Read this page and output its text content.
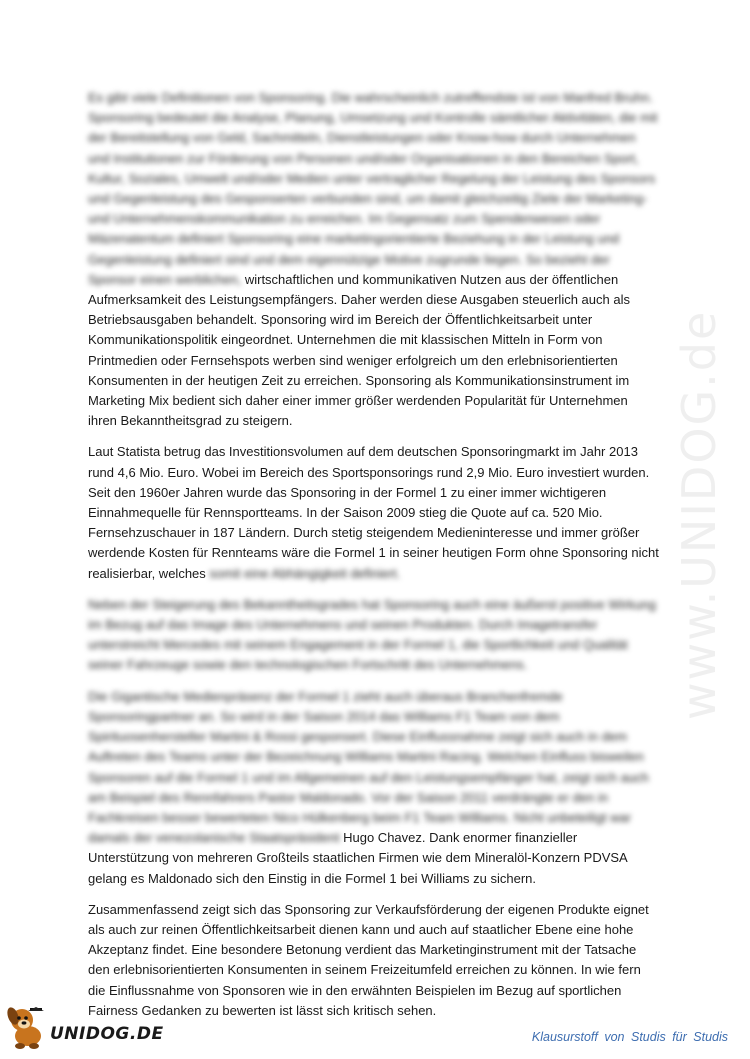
www.UNIDOG.de

Es gibt viele Definitionen von Sponsoring. Die wahrscheinlich zutreffendste ist von Manfred Bruhn. Sponsoring bedeutet die Analyse, Planung, Umsetzung und Kontrolle sämtlicher Aktivitäten, die mit der Bereitstellung von Geld, Sachmitteln, Dienstleistungen oder Know-how durch Unternehmen und Institutionen zur Förderung von Personen und/oder Organisationen in den Bereichen Sport, Kultur, Soziales, Umwelt und/oder Medien unter vertraglicher Regelung der Leistung des Sponsors und Gegenleistung des Gesponserten verbunden sind, um damit gleichzeitig Ziele der Marketing- und Unternehmenskommunikation zu erreichen. Im Gegensatz zum Spendenwesen oder Mäzenatentum definiert Sponsoring eine marketingorientierte Beziehung in der Leistung und Gegenleistung definiert sind und dem eigennützige Motive zugrunde liegen. So bezieht der Sponsor einen werblichen, wirtschaftlichen und kommunikativen Nutzen aus der öffentlichen Aufmerksamkeit des Leistungsempfängers. Daher werden diese Ausgaben steuerlich auch als Betriebsausgaben behandelt. Sponsoring wird im Bereich der Öffentlichkeitsarbeit unter Kommunikationspolitik eingeordnet. Unternehmen die mit klassischen Mitteln in Form von Printmedien oder Fernsehspots werben sind weniger erfolgreich um den erlebnisorientierten Konsumenten in der heutigen Zeit zu erreichen. Sponsoring als Kommunikationsinstrument im Marketing Mix bedient sich daher einer immer größer werdenden Popularität für Unternehmen ihren Bekanntheitsgrad zu steigern.

Laut Statista betrug das Investitionsvolumen auf dem deutschen Sponsoringmarkt im Jahr 2013 rund 4,6 Mio. Euro. Wobei im Bereich des Sportsponsorings rund 2,9 Mio. Euro investiert wurden. Seit den 1960er Jahren wurde das Sponsoring in der Formel 1 zu einer immer wichtigeren Einnahmequelle für Rennsportteams. In der Saison 2009 stieg die Quote auf ca. 520 Mio. Fernsehzuschauer in 187 Ländern. Durch stetig steigendem Medieninteresse und immer größer werdende Kosten für Rennteams wäre die Formel 1 in seiner heutigen Form ohne Sponsoring nicht realisierbar, welches somit eine Abhängigkeit definiert.

Neben der Steigerung des Bekanntheitsgrades hat Sponsoring auch eine äußerst positive Wirkung im Bezug auf das Image des Unternehmens und seinen Produkten. Durch Imagetransfer unterstreicht Mercedes mit seinem Engagement in der Formel 1, die Sportlichkeit und Qualität seiner Fahrzeuge sowie den technologischen Fortschritt des Unternehmens.

Die Gigantische Medienpräsenz der Formel 1 zieht auch überaus Branchenfremde Sponsoringpartner an. So wird in der Saison 2014 das Williams F1 Team von dem Spirituosenhersteller Martini & Rossi gesponsert. Diese Einflussnahme zeigt sich auch in dem Auftreten des Teams unter der Bezeichnung Williams Martini Racing. Welchen Einfluss bisweilen Sponsoren auf die Formel 1 und im Allgemeinen auf den Leistungsempfänger hat, zeigt sich auch am Beispiel des Rennfahrers Pastor Maldonado. Vor der Saison 2011 verdrängte er den in Fachkreisen besser bewerteten Nico Hülkenberg beim F1 Team Williams. Nicht unbeteiligt war damals der venezolanische Staatspräsident Hugo Chavez. Dank enormer finanzieller Unterstützung von mehreren Großteils staatlichen Firmen wie dem Mineralöl-Konzern PDVSA gelang es Maldonado sich den Einstig in die Formel 1 bei Williams zu sichern.

Zusammenfassend zeigt sich das Sponsoring zur Verkaufsförderung der eigenen Produkte eignet als auch zur reinen Öffentlichkeitsarbeit dienen kann und auch auf staatlicher Ebene eine hohe Akzeptanz findet. Eine besondere Betonung verdient das Marketinginstrument mit der Tatsache den erlebnisorientierten Konsumenten in seinem Freizeitumfeld erreichen zu können. In wie fern die Einflussnahme von Sponsoren wie in den erwähnten Beispielen im Bezug auf sportlichen Fairness Gedanken zu bewerten ist lässt sich kritisch sehen.

UNIDOG.DE	Klausurstoff von Studis für Studis
